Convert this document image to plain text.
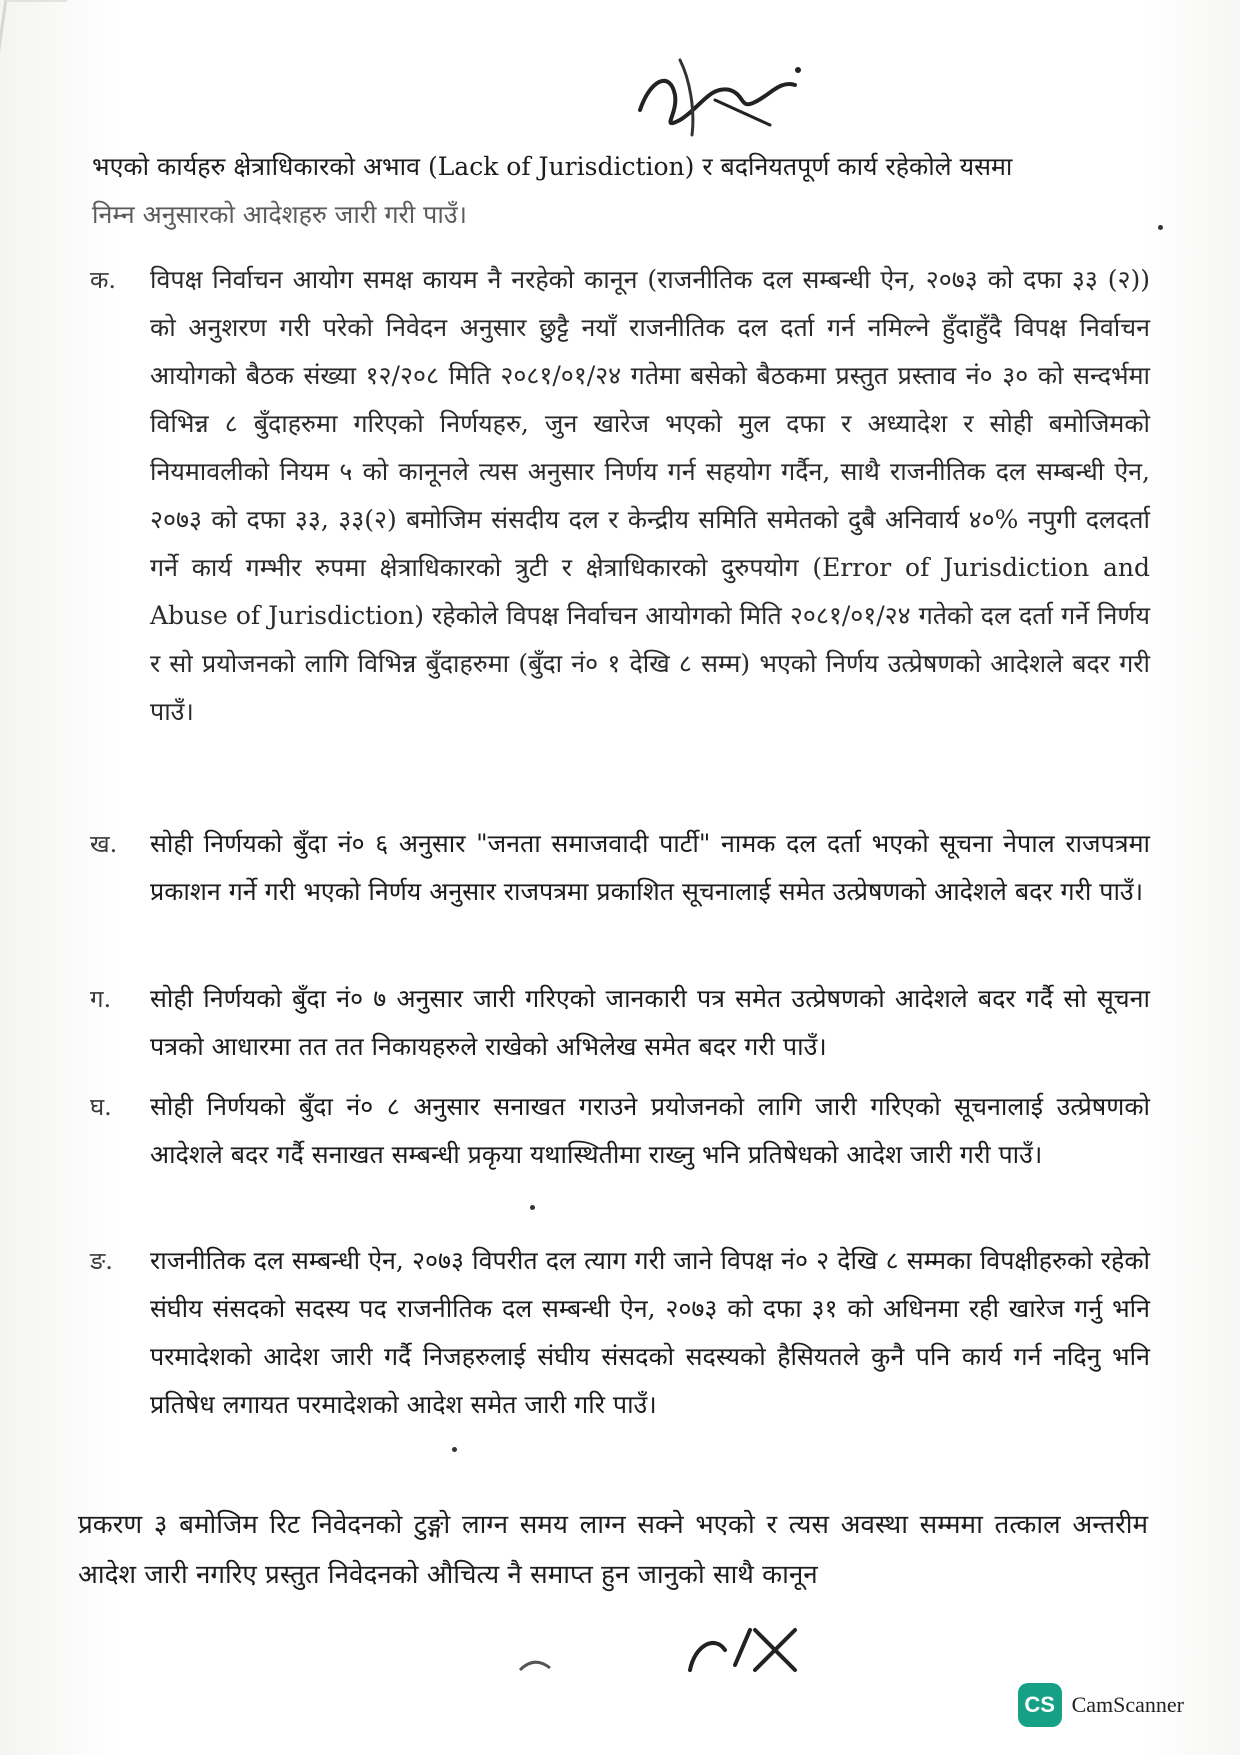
भएको कार्यहरु क्षेत्राधिकारको अभाव (Lack of Jurisdiction) र बदनियतपूर्ण कार्य रहेकोले यसमा

निम्न अनुसारको आदेशहरु जारी गरी पाउँ।

क.	विपक्ष निर्वाचन आयोग समक्ष कायम नै नरहेको कानून (राजनीतिक दल सम्बन्धी ऐन, २०७३ को दफा ३३ (२)) को अनुशरण गरी परेको निवेदन अनुसार छुट्टै नयाँ राजनीतिक दल दर्ता गर्न नमिल्ने हुँदाहुँदै विपक्ष निर्वाचन आयोगको बैठक संख्या १२/२०८ मिति २०८१/०१/२४ गतेमा बसेको बैठकमा प्रस्तुत प्रस्ताव नं० ३० को सन्दर्भमा विभिन्न ८ बुँदाहरुमा गरिएको निर्णयहरु, जुन खारेज भएको मुल दफा र अध्यादेश र सोही बमोजिमको नियमावलीको नियम ५ को कानूनले त्यस अनुसार निर्णय गर्न सहयोग गर्दैन, साथै राजनीतिक दल सम्बन्धी ऐन, २०७३ को दफा ३३, ३३(२) बमोजिम संसदीय दल र केन्द्रीय समिति समेतको दुबै अनिवार्य ४०% नपुगी दलदर्ता गर्ने कार्य गम्भीर रुपमा क्षेत्राधिकारको त्रुटी र क्षेत्राधिकारको दुरुपयोग (Error of Jurisdiction and Abuse of Jurisdiction) रहेकोले विपक्ष निर्वाचन आयोगको मिति २०८१/०१/२४ गतेको दल दर्ता गर्ने निर्णय र सो प्रयोजनको लागि विभिन्न बुँदाहरुमा (बुँदा नं० १ देखि ८ सम्म) भएको निर्णय उत्प्रेषणको आदेशले बदर गरी पाउँ।
ख.	सोही निर्णयको बुँदा नं० ६ अनुसार "जनता समाजवादी पार्टी" नामक दल दर्ता भएको सूचना नेपाल राजपत्रमा प्रकाशन गर्ने गरी भएको निर्णय अनुसार राजपत्रमा प्रकाशित सूचनालाई समेत उत्प्रेषणको आदेशले बदर गरी पाउँ।
ग.	सोही निर्णयको बुँदा नं० ७ अनुसार जारी गरिएको जानकारी पत्र समेत उत्प्रेषणको आदेशले बदर गर्दै सो सूचना पत्रको आधारमा तत तत निकायहरुले राखेको अभिलेख समेत बदर गरी पाउँ।
घ.	सोही निर्णयको बुँदा नं० ८ अनुसार सनाखत गराउने प्रयोजनको लागि जारी गरिएको सूचनालाई उत्प्रेषणको आदेशले बदर गर्दै सनाखत सम्बन्धी प्रकृया यथास्थितीमा राख्नु भनि प्रतिषेधको आदेश जारी गरी पाउँ।
ङ.	राजनीतिक दल सम्बन्धी ऐन, २०७३ विपरीत दल त्याग गरी जाने विपक्ष नं० २ देखि ८ सम्मका विपक्षीहरुको रहेको संघीय संसदको सदस्य पद राजनीतिक दल सम्बन्धी ऐन, २०७३ को दफा ३१ को अधिनमा रही खारेज गर्नु भनि परमादेशको आदेश जारी गर्दै निजहरुलाई संघीय संसदको सदस्यको हैसियतले कुनै पनि कार्य गर्न नदिनु भनि प्रतिषेध लगायत परमादेशको आदेश समेत जारी गरि पाउँ।

प्रकरण ३ बमोजिम रिट निवेदनको टुङ्गो लाग्न समय लाग्न सक्ने भएको र त्यस अवस्था सम्ममा तत्काल अन्तरीम आदेश जारी नगरिए प्रस्तुत निवेदनको औचित्य नै समाप्त हुन जानुको साथै कानून

CS CamScanner
